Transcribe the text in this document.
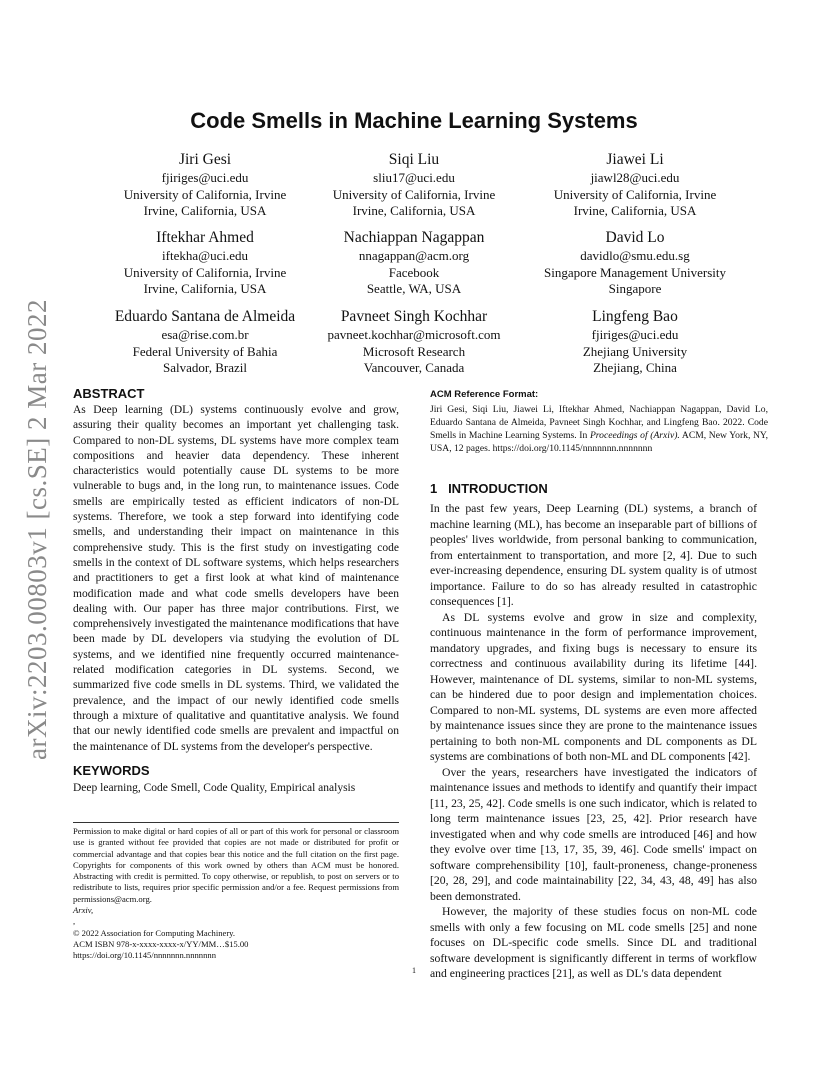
arXiv:2203.00803v1 [cs.SE] 2 Mar 2022
Code Smells in Machine Learning Systems
Jiri Gesi
fjiriges@uci.edu
University of California, Irvine
Irvine, California, USA
Siqi Liu
sliu17@uci.edu
University of California, Irvine
Irvine, California, USA
Jiawei Li
jiawl28@uci.edu
University of California, Irvine
Irvine, California, USA
Iftekhar Ahmed
iftekha@uci.edu
University of California, Irvine
Irvine, California, USA
Nachiappan Nagappan
nnagappan@acm.org
Facebook
Seattle, WA, USA
David Lo
davidlo@smu.edu.sg
Singapore Management University
Singapore
Eduardo Santana de Almeida
esa@rise.com.br
Federal University of Bahia
Salvador, Brazil
Pavneet Singh Kochhar
pavneet.kochhar@microsoft.com
Microsoft Research
Vancouver, Canada
Lingfeng Bao
fjiriges@uci.edu
Zhejiang University
Zhejiang, China
ABSTRACT

As Deep learning (DL) systems continuously evolve and grow, assuring their quality becomes an important yet challenging task. Compared to non-DL systems, DL systems have more complex team compositions and heavier data dependency. These inherent characteristics would potentially cause DL systems to be more vulnerable to bugs and, in the long run, to maintenance issues. Code smells are empirically tested as efficient indicators of non-DL systems. Therefore, we took a step forward into identifying code smells, and understanding their impact on maintenance in this comprehensive study. This is the first study on investigating code smells in the context of DL software systems, which helps researchers and practitioners to get a first look at what kind of maintenance modification made and what code smells developers have been dealing with. Our paper has three major contributions. First, we comprehensively investigated the maintenance modifications that have been made by DL developers via studying the evolution of DL systems, and we identified nine frequently occurred maintenance-related modification categories in DL systems. Second, we summarized five code smells in DL systems. Third, we validated the prevalence, and the impact of our newly identified code smells through a mixture of qualitative and quantitative analysis. We found that our newly identified code smells are prevalent and impactful on the maintenance of DL systems from the developer's perspective.

KEYWORDS
Deep learning, Code Smell, Code Quality, Empirical analysis
Permission to make digital or hard copies of all or part of this work for personal or classroom use is granted without fee provided that copies are not made or distributed for profit or commercial advantage and that copies bear this notice and the full citation on the first page. Copyrights for components of this work owned by others than ACM must be honored. Abstracting with credit is permitted. To copy otherwise, or republish, to post on servers or to redistribute to lists, requires prior specific permission and/or a fee. Request permissions from permissions@acm.org.
Arxiv,
,
© 2022 Association for Computing Machinery.
ACM ISBN 978-x-xxxx-xxxx-x/YY/MM…$15.00
https://doi.org/10.1145/nnnnnnn.nnnnnnn
ACM Reference Format:
Jiri Gesi, Siqi Liu, Jiawei Li, Iftekhar Ahmed, Nachiappan Nagappan, David Lo, Eduardo Santana de Almeida, Pavneet Singh Kochhar, and Lingfeng Bao. 2022. Code Smells in Machine Learning Systems. In Proceedings of (Arxiv). ACM, New York, NY, USA, 12 pages. https://doi.org/10.1145/nnnnnnn.nnnnnnn
1   INTRODUCTION

In the past few years, Deep Learning (DL) systems, a branch of machine learning (ML), has become an inseparable part of billions of peoples' lives worldwide, from personal banking to communication, from entertainment to transportation, and more [2, 4]. Due to such ever-increasing dependence, ensuring DL system quality is of utmost importance. Failure to do so has already resulted in catastrophic consequences [1].

As DL systems evolve and grow in size and complexity, continuous maintenance in the form of performance improvement, mandatory upgrades, and fixing bugs is necessary to ensure its correctness and continuous availability during its lifetime [44]. However, maintenance of DL systems, similar to non-ML systems, can be hindered due to poor design and implementation choices. Compared to non-ML systems, DL systems are even more affected by maintenance issues since they are prone to the maintenance issues pertaining to both non-ML components and DL components as DL systems are combinations of both non-ML and DL components [42].

Over the years, researchers have investigated the indicators of maintenance issues and methods to identify and quantify their impact [11, 23, 25, 42]. Code smells is one such indicator, which is related to long term maintenance issues [23, 25, 42]. Prior research have investigated when and why code smells are introduced [46] and how they evolve over time [13, 17, 35, 39, 46]. Code smells' impact on software comprehensibility [10], fault-proneness, change-proneness [20, 28, 29], and code maintainability [22, 34, 43, 48, 49] has also been demonstrated.

However, the majority of these studies focus on non-ML code smells with only a few focusing on ML code smells [25] and none focuses on DL-specific code smells. Since DL and traditional software development is significantly different in terms of workflow and engineering practices [21], as well as DL's data dependent

1
